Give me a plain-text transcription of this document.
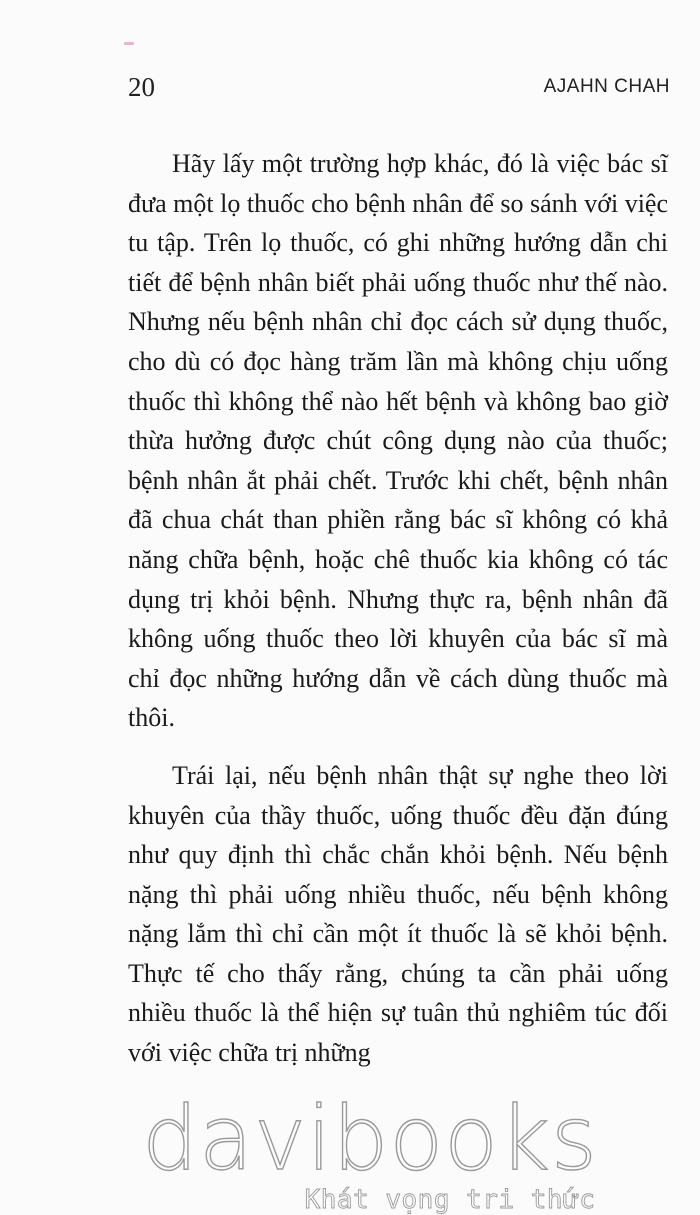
20	AJAHN CHAH

Hãy lấy một trường hợp khác, đó là việc bác sĩ đưa một lọ thuốc cho bệnh nhân để so sánh với việc tu tập. Trên lọ thuốc, có ghi những hướng dẫn chi tiết để bệnh nhân biết phải uống thuốc như thế nào. Nhưng nếu bệnh nhân chỉ đọc cách sử dụng thuốc, cho dù có đọc hàng trăm lần mà không chịu uống thuốc thì không thể nào hết bệnh và không bao giờ thừa hưởng được chút công dụng nào của thuốc; bệnh nhân ắt phải chết. Trước khi chết, bệnh nhân đã chua chát than phiền rằng bác sĩ không có khả năng chữa bệnh, hoặc chê thuốc kia không có tác dụng trị khỏi bệnh. Nhưng thực ra, bệnh nhân đã không uống thuốc theo lời khuyên của bác sĩ mà chỉ đọc những hướng dẫn về cách dùng thuốc mà thôi.

Trái lại, nếu bệnh nhân thật sự nghe theo lời khuyên của thầy thuốc, uống thuốc đều đặn đúng như quy định thì chắc chắn khỏi bệnh. Nếu bệnh nặng thì phải uống nhiều thuốc, nếu bệnh không nặng lắm thì chỉ cần một ít thuốc là sẽ khỏi bệnh. Thực tế cho thấy rằng, chúng ta cần phải uống nhiều thuốc là thể hiện sự tuân thủ nghiêm túc đối với việc chữa trị những

davibooks
Khát vọng tri thức
